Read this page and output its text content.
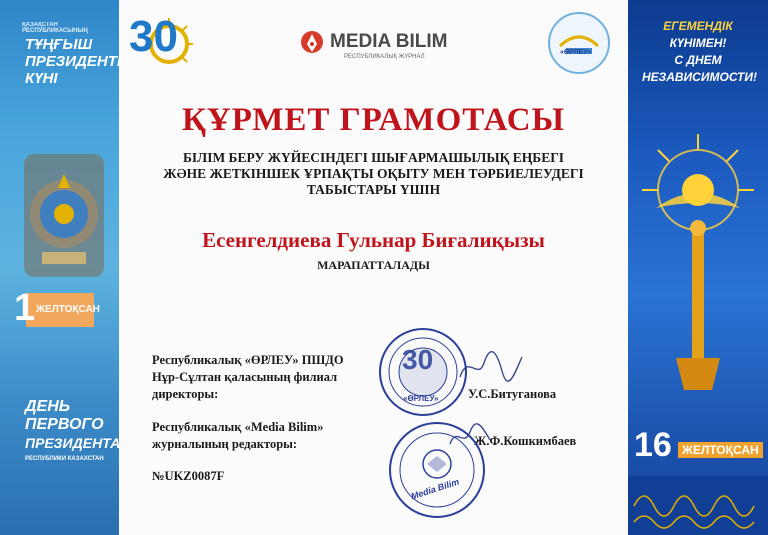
ҚАЗАҚСТАН РЕСПУБЛИКАСЫНЫҢ
ТҰҢҒЫШ
ПРЕЗИДЕНТІ
КҮНІ
1 ЖЕЛТОҚСАН
ДЕНЬ
ПЕРВОГО
ПРЕЗИДЕНТА
РЕСПУБЛИКИ КАЗАХСТАН
30	MEDIA BILIM
РЕСПУБЛИКАЛЫҚ ЖУРНАЛ
«ӨРЛЕУ»
ҚҰРМЕТ ГРАМОТАСЫ
БІЛІМ БЕРУ ЖҮЙЕСІНДЕГІ ШЫҒАРМАШЫЛЫҚ ЕҢБЕГІ
ЖӘНЕ ЖЕТКІНШЕК ҰРПАҚТЫ ОҚЫТУ МЕН ТӘРБИЕЛЕУДЕГІ
ТАБЫСТАРЫ ҮШІН
Есенгелдиева Гульнар Биғалиқызы
МАРАПАТТАЛАДЫ
Республикалық «ӨРЛЕУ» ПШДО
Нұр-Сұлтан қаласының филиал
директоры:	У.С.Битуганова
Республикалық «Media Bilim»
журналының редакторы:	Ж.Ф.Кошкимбаев
№UKZ0087F
30
«ӨРЛЕУ»
Media Bilim
ЕГЕМЕНДІК
КҮНІМЕН!
С ДНЕМ
НЕЗАВИСИМОСТИ!
16 ЖЕЛТОҚСАН
